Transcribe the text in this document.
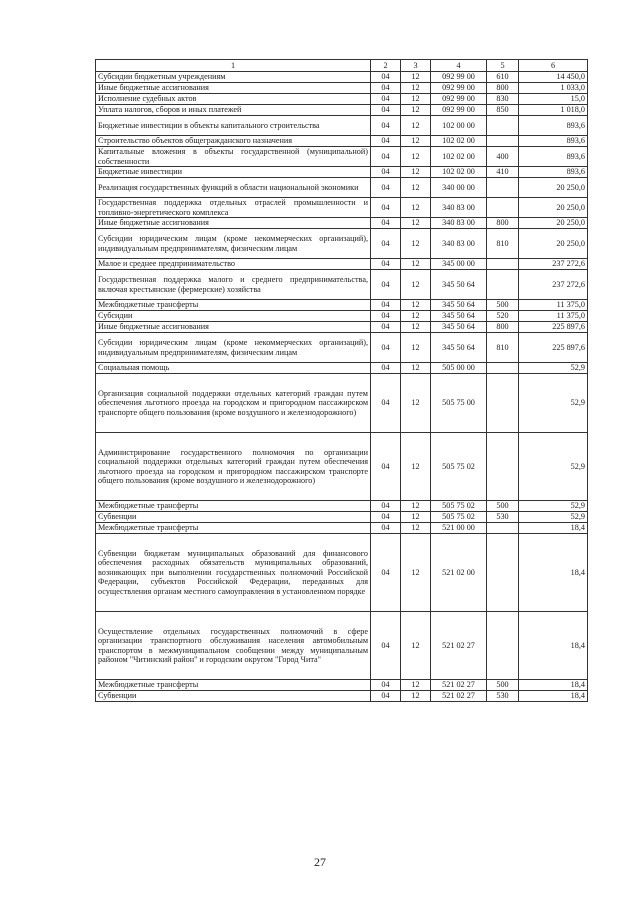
1	2	3	4	5	6
Субсидии бюджетным учреждениям	04	12	092 99 00	610	14 450,0
Иные бюджетные ассигнования	04	12	092 99 00	800	1 033,0
Исполнение судебных актов	04	12	092 99 00	830	15,0
Уплата налогов, сборов и иных платежей	04	12	092 99 00	850	1 018,0
Бюджетные инвестиции в объекты капитального строительства	04	12	102 00 00		893,6
Строительство объектов общегражданского назначения	04	12	102 02 00		893,6
Капитальные вложения в объекты государственной (муниципальной) собственности	04	12	102 02 00	400	893,6
Бюджетные инвестиции	04	12	102 02 00	410	893,6
Реализация государственных функций в области национальной экономики	04	12	340 00 00		20 250,0
Государственная поддержка отдельных отраслей промышленности и топливно-энергетического комплекса	04	12	340 83 00		20 250,0
Иные бюджетные ассигнования	04	12	340 83 00	800	20 250,0
Субсидии юридическим лицам (кроме некоммерческих организаций), индивидуальным предпринимателям, физическим лицам	04	12	340 83 00	810	20 250,0
Малое и среднее предпринимательство	04	12	345 00 00		237 272,6
Государственная поддержка малого и среднего предпринимательства, включая крестьянские (фермерские) хозяйства	04	12	345 50 64		237 272,6
Межбюджетные трансферты	04	12	345 50 64	500	11 375,0
Субсидии	04	12	345 50 64	520	11 375,0
Иные бюджетные ассигнования	04	12	345 50 64	800	225 897,6
Субсидии юридическим лицам (кроме некоммерческих организаций), индивидуальным предпринимателям, физическим лицам	04	12	345 50 64	810	225 897,6
Социальная помощь	04	12	505 00 00		52,9
Организация социальной поддержки отдельных категорий граждан путем обеспечения льготного проезда на городском и пригородном пассажирском транспорте общего пользования (кроме воздушного и железнодорожного)	04	12	505 75 00		52,9
Администрирование государственного полномочия по организации социальной поддержки отдельных категорий граждан путем обеспечения льготного проезда на городском и пригородном пассажирском транспорте общего пользования (кроме воздушного и железнодорожного)	04	12	505 75 02		52,9
Межбюджетные трансферты	04	12	505 75 02	500	52,9
Субвенции	04	12	505 75 02	530	52,9
Межбюджетные трансферты	04	12	521 00 00		18,4
Субвенции бюджетам муниципальных образований для финансового обеспечения расходных обязательств муниципальных образований, возникающих при выполнении государственных полномочий Российской Федерации, субъектов Российской Федерации, переданных для осуществления органам местного самоуправления в установленном порядке	04	12	521 02 00		18,4
Осуществление отдельных государственных полномочий в сфере организации транспортного обслуживания населения автомобильным транспортом в межмуниципальном сообщении между муниципальным районом "Читинский район" и городским округом "Город Чита"	04	12	521 02 27		18,4
Межбюджетные трансферты	04	12	521 02 27	500	18,4
Субвенции	04	12	521 02 27	530	18,4
27
